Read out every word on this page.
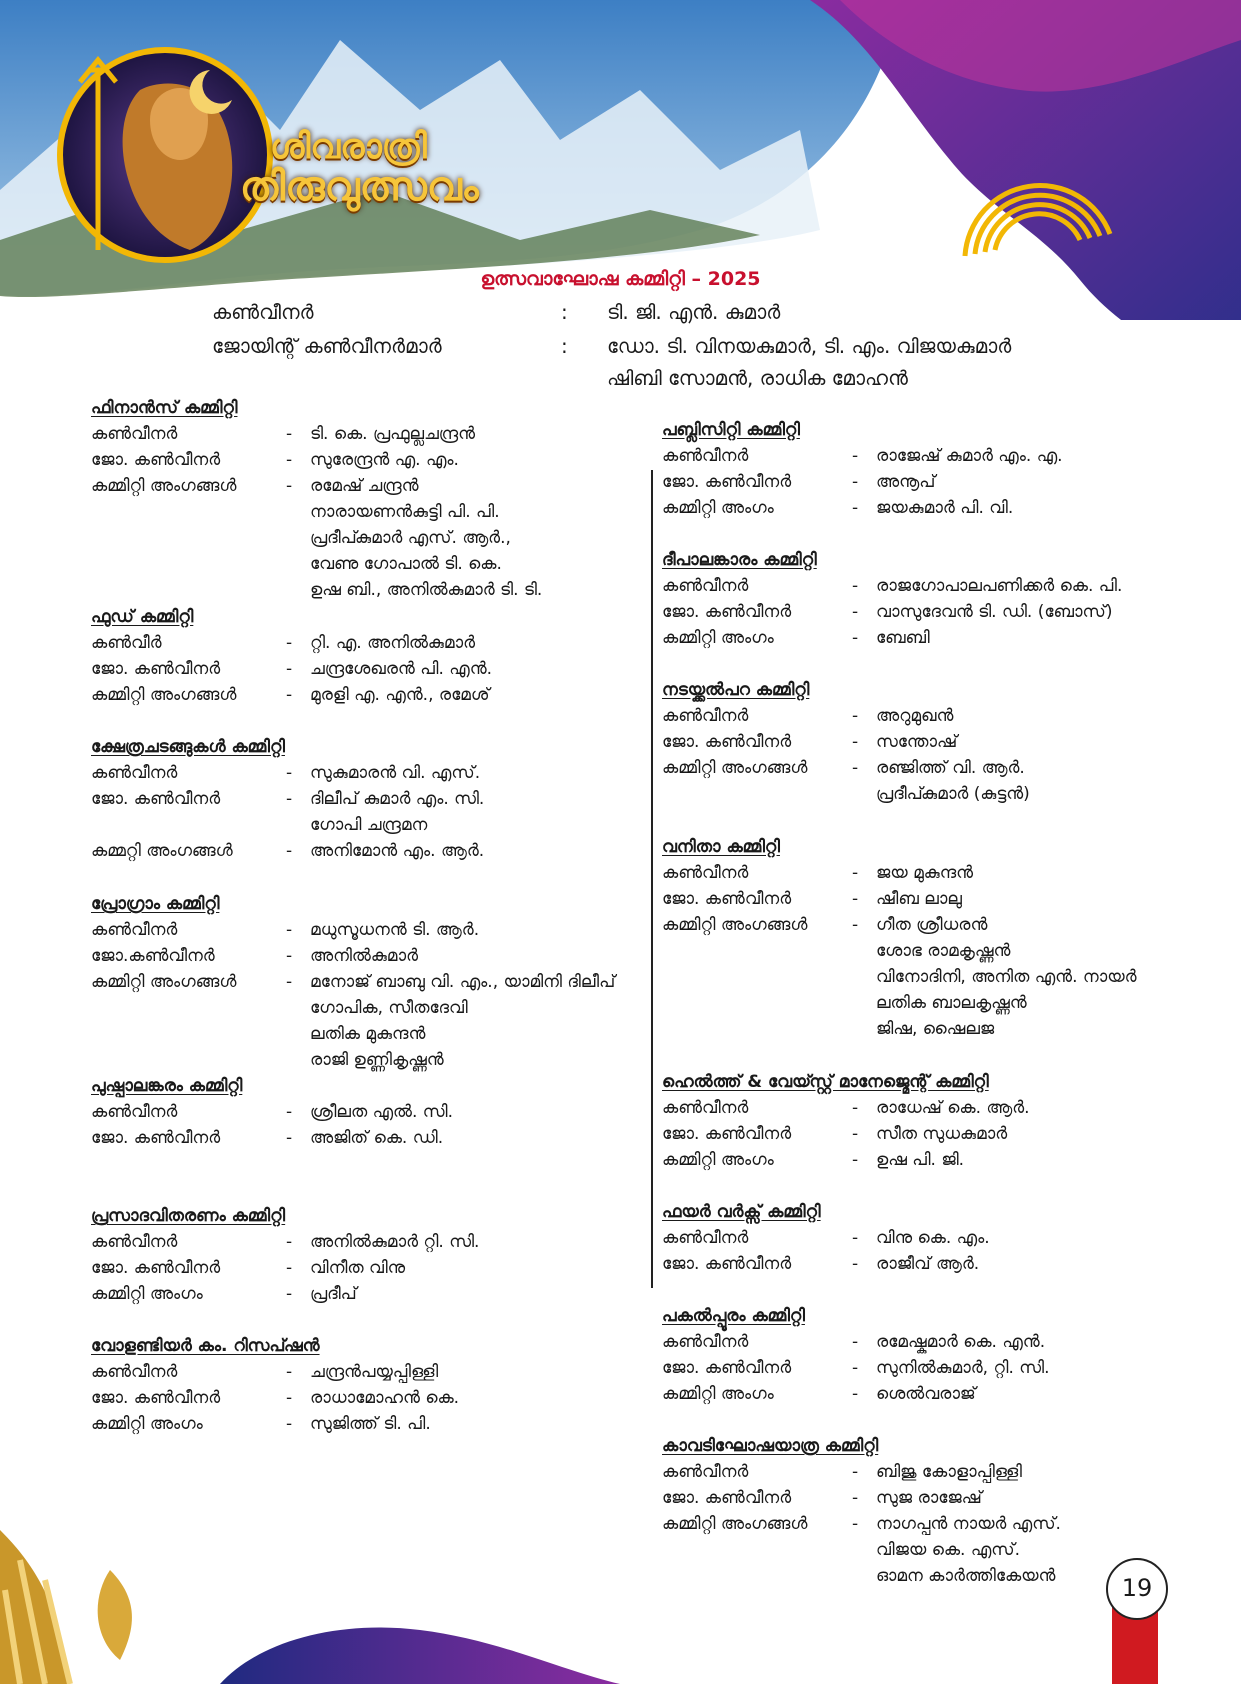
ശിവരാത്രി
തിരുവുത്സവം
ഉത്സവാഘോഷ കമ്മിറ്റി – 2025
കൺവീനർ	: ടി. ജി. എൻ. കുമാർ
ജോയിന്റ് കൺവീനർമാർ	: ഡോ. ടി. വിനയകുമാർ, ടി. എം. വിജയകുമാർ
ഷിബി സോമൻ, രാധിക മോഹൻ
ഫിനാൻസ് കമ്മിറ്റി
കൺവീനർ	-	ടി. കെ. പ്രഫുല്ലചന്ദ്രൻ
ജോ. കൺവീനർ	-	സുരേന്ദ്രൻ എ. എം.
കമ്മിറ്റി അംഗങ്ങൾ	-	രമേഷ് ചന്ദ്രൻ
നാരായണൻകുട്ടി പി. പി.
പ്രദീപ്കുമാർ എസ്. ആർ.,
വേണു ഗോപാൽ ടി. കെ.
ഉഷ ബി., അനിൽകുമാർ ടി. ടി.
ഫുഡ് കമ്മിറ്റി
കൺവീർ	-	റ്റി. എ. അനിൽകുമാർ
ജോ. കൺവീനർ	-	ചന്ദ്രശേഖരൻ പി. എൻ.
കമ്മിറ്റി അംഗങ്ങൾ	-	മുരളി എ. എൻ., രമേശ്
ക്ഷേത്രചടങ്ങുകൾ കമ്മിറ്റി
കൺവീനർ	-	സുകുമാരൻ വി. എസ്.
ജോ. കൺവീനർ	-	ദിലീപ് കുമാർ എം. സി.
ഗോപി ചന്ദ്രമന
കമ്മറ്റി അംഗങ്ങൾ	-	അനിമോൻ എം. ആർ.
പ്രോഗ്രാം കമ്മിറ്റി
കൺവീനർ	-	മധുസൂധനൻ ടി. ആർ.
ജോ.കൺവീനർ	-	അനിൽകുമാർ
കമ്മിറ്റി അംഗങ്ങൾ	-	മനോജ് ബാബു വി. എം., യാമിനി ദിലീപ്
ഗോപിക, സീതദേവി
ലതിക മുകുന്ദൻ
രാജി ഉണ്ണികൃഷ്ണൻ
പുഷ്പാലങ്കരം കമ്മിറ്റി
കൺവീനർ	-	ശ്രീലത എൽ. സി.
ജോ. കൺവീനർ	-	അജിത് കെ. ഡി.
പ്രസാദവിതരണം കമ്മിറ്റി
കൺവീനർ	-	അനിൽകുമാർ റ്റി. സി.
ജോ. കൺവീനർ	-	വിനീത വിനു
കമ്മിറ്റി അംഗം	-	പ്രദീപ്
വോളണ്ടിയർ കം. റിസപ്ഷൻ
കൺവീനർ	-	ചന്ദ്രൻപയ്യപ്പിള്ളി
ജോ. കൺവീനർ	-	രാധാമോഹൻ കെ.
കമ്മിറ്റി അംഗം	-	സുജിത്ത് ടി. പി.
പബ്ലിസിറ്റി കമ്മിറ്റി
കൺവീനർ	-	രാജേഷ് കുമാർ എം. എ.
ജോ. കൺവീനർ	-	അനൂപ്
കമ്മിറ്റി അംഗം	-	ജയകുമാർ പി. വി.
ദീപാലങ്കാരം കമ്മിറ്റി
കൺവീനർ	-	രാജഗോപാലപണിക്കർ കെ. പി.
ജോ. കൺവീനർ	-	വാസുദേവൻ ടി. ഡി. (ബോസ്)
കമ്മിറ്റി അംഗം	-	ബേബി
നടയ്ക്കൽപറ കമ്മിറ്റി
കൺവീനർ	-	അറുമുഖൻ
ജോ. കൺവീനർ	-	സന്തോഷ്
കമ്മിറ്റി അംഗങ്ങൾ	-	രഞ്ജിത്ത് വി. ആർ.
പ്രദീപ്കുമാർ (കുട്ടൻ)
വനിതാ കമ്മിറ്റി
കൺവീനർ	-	ജയ മുകുന്ദൻ
ജോ. കൺവീനർ	-	ഷീബ ലാലു
കമ്മിറ്റി അംഗങ്ങൾ	-	ഗീത ശ്രീധരൻ
ശോഭ രാമകൃഷ്ണൻ
വിനോദിനി, അനിത എൻ. നായർ
ലതിക ബാലകൃഷ്ണൻ
ജിഷ, ഷൈലജ
ഹെൽത്ത് & വേയ്സ്റ്റ് മാനേജ്മെന്റ് കമ്മിറ്റി
കൺവീനർ	-	രാധേഷ് കെ. ആർ.
ജോ. കൺവീനർ	-	സീത സുധകുമാർ
കമ്മിറ്റി അംഗം	-	ഉഷ പി. ജി.
ഫയർ വർക്സ് കമ്മിറ്റി
കൺവീനർ	-	വിനു കെ. എം.
ജോ. കൺവീനർ	-	രാജീവ് ആർ.
പകൽപ്പൂരം കമ്മിറ്റി
കൺവീനർ	-	രമേഷ്കുമാർ കെ. എൻ.
ജോ. കൺവീനർ	-	സുനിൽകുമാർ, റ്റി. സി.
കമ്മിറ്റി അംഗം	-	ശെൽവരാജ്
കാവടിഘോഷയാത്ര കമ്മിറ്റി
കൺവീനർ	-	ബിജു കോളാപ്പിള്ളി
ജോ. കൺവീനർ	-	സുജ രാജേഷ്
കമ്മിറ്റി അംഗങ്ങൾ	-	നാഗപ്പൻ നായർ എസ്.
വിജയ കെ. എസ്.
ഓമന കാർത്തികേയൻ	19
